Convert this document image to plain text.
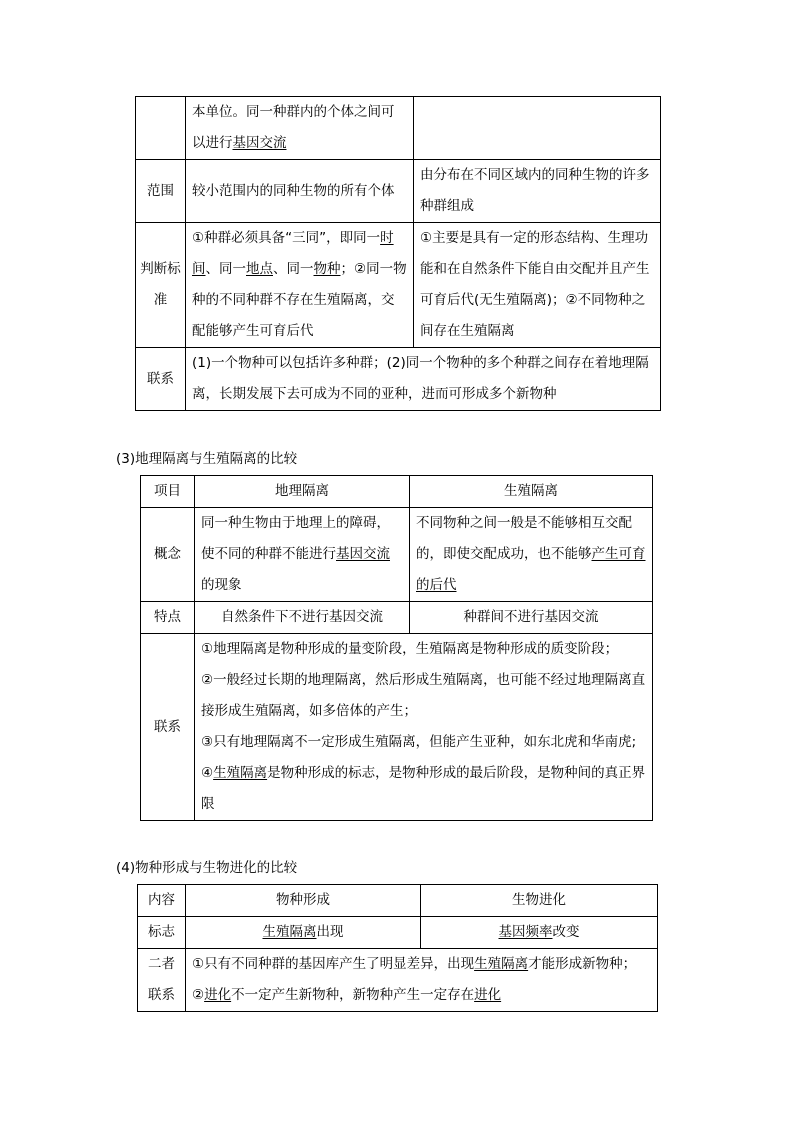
	本单位。同一种群内的个体之间可以进行基因交流	
范围	较小范围内的同种生物的所有个体	由分布在不同区域内的同种生物的许多种群组成
判断标准	①种群必须具备“三同”，即同一时间、同一地点、同一物种；②同一物种的不同种群不存在生殖隔离，交配能够产生可育后代	①主要是具有一定的形态结构、生理功能和在自然条件下能自由交配并且产生可育后代(无生殖隔离)；②不同物种之间存在生殖隔离
联系	(1)一个物种可以包括许多种群；(2)同一个物种的多个种群之间存在着地理隔离，长期发展下去可成为不同的亚种，进而可形成多个新物种	
(3)地理隔离与生殖隔离的比较
项目	地理隔离	生殖隔离
概念	同一种生物由于地理上的障碍，使不同的种群不能进行基因交流的现象	不同物种之间一般是不能够相互交配的，即使交配成功，也不能够产生可育的后代
特点	自然条件下不进行基因交流	种群间不进行基因交流
联系	①地理隔离是物种形成的量变阶段，生殖隔离是物种形成的质变阶段；
②一般经过长期的地理隔离，然后形成生殖隔离，也可能不经过地理隔离直接形成生殖隔离，如多倍体的产生；
③只有地理隔离不一定形成生殖隔离，但能产生亚种，如东北虎和华南虎;
④生殖隔离是物种形成的标志，是物种形成的最后阶段，是物种间的真正界限	
(4)物种形成与生物进化的比较
内容	物种形成	生物进化
标志	生殖隔离出现	基因频率改变
二者联系	①只有不同种群的基因库产生了明显差异，出现生殖隔离才能形成新物种；
②进化不一定产生新物种，新物种产生一定存在进化	
